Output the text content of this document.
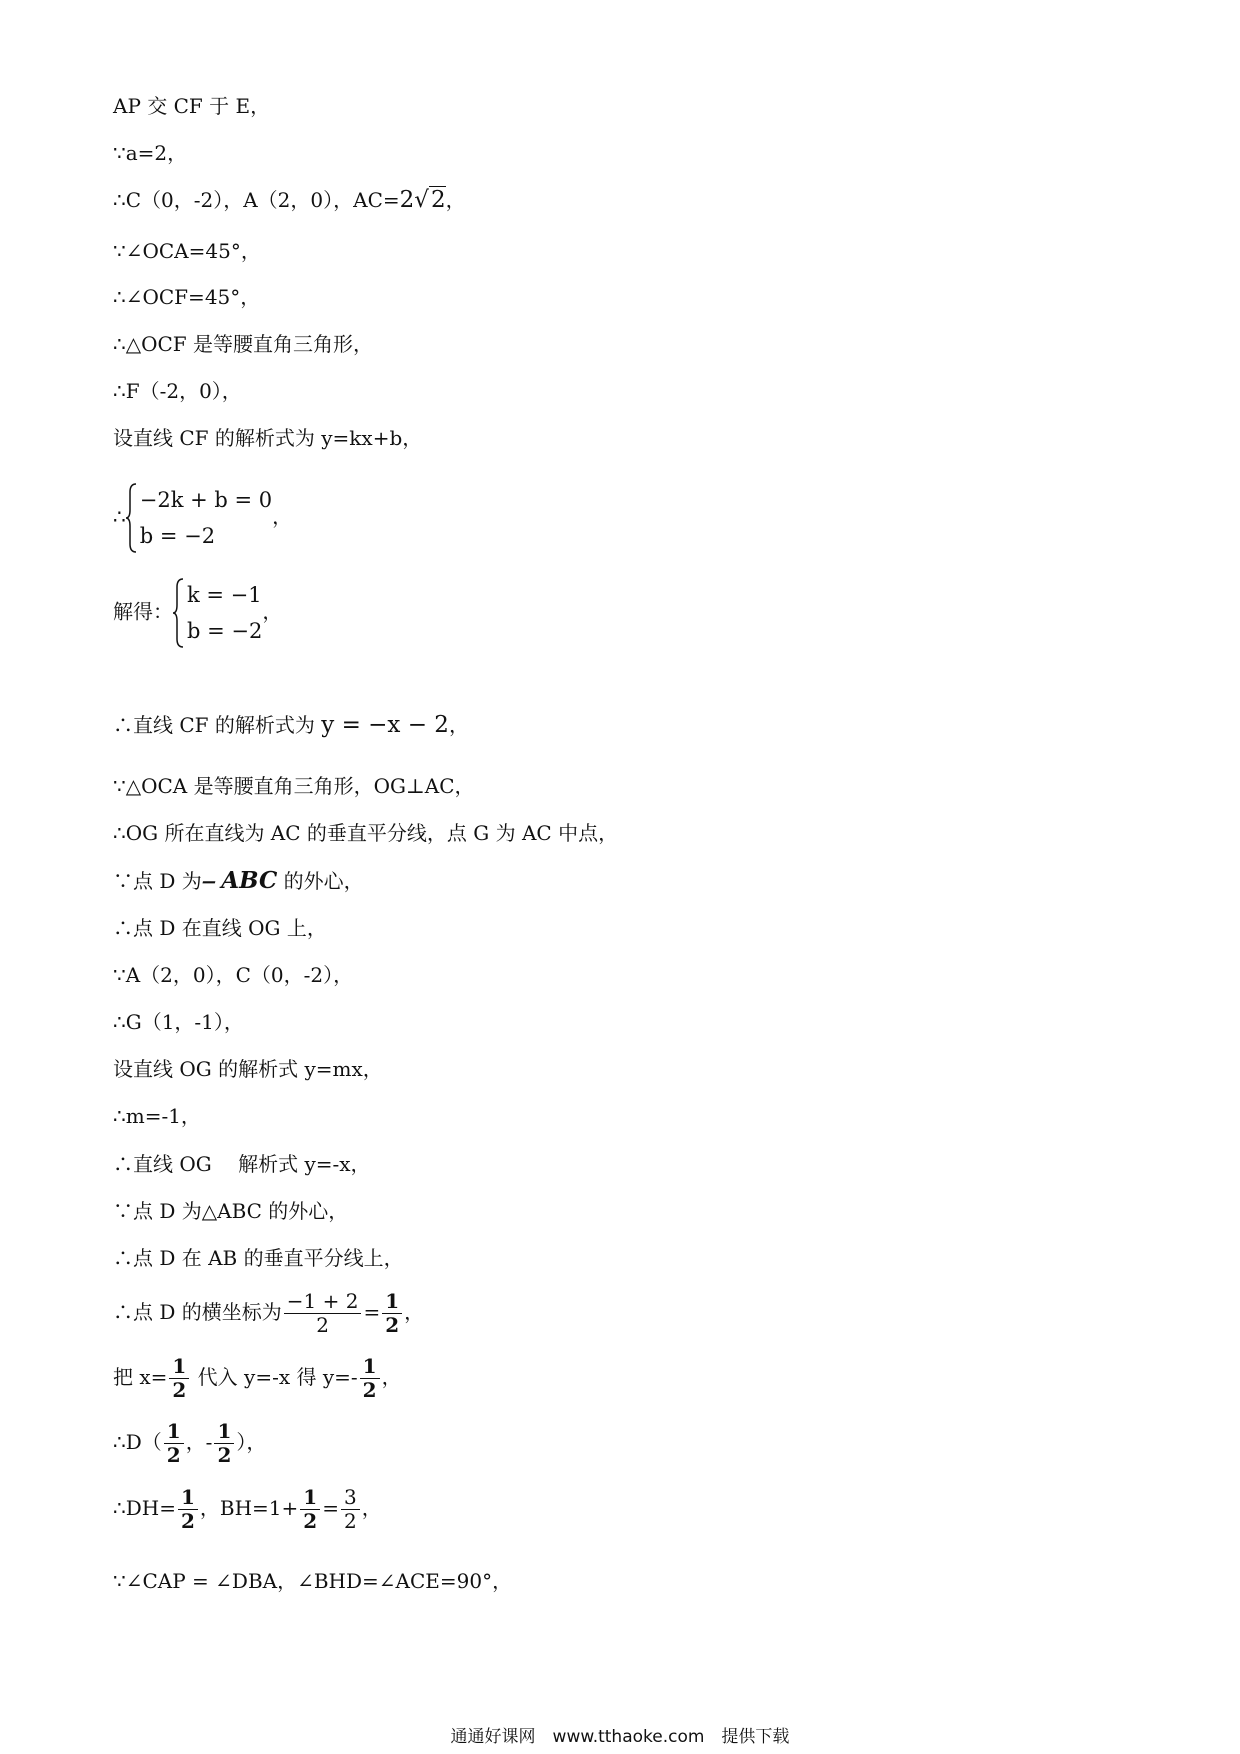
AP 交 CF 于 E，
∵a=2，
∴C（0，-2），A（2，0），AC=2√2，
∵∠OCA=45°，
∴∠OCF=45°，
∴△OCF 是等腰直角三角形，
∴F（-2，0），
设直线 CF 的解析式为 y=kx+b，
∴
−2k + b = 0
b = −2
，
解得：
k = −1
b = −2
，
∴直线 CF 的解析式为 y = −x − 2，
∵△OCA 是等腰直角三角形，OG⊥AC，
∴OG 所在直线为 AC 的垂直平分线，点 G 为 AC 中点，
∵点 D 为⎯ ABC 的外心，
∴点 D 在直线 OG 上，
∵A（2，0），C（0，-2），
∴G（1，-1），
设直线 OG 的解析式 y=mx，
∴m=-1，
∴直线 OG 　解析式 y=-x，
∵点 D 为△ABC 的外心，
∴点 D 在 AB 的垂直平分线上，
∴点 D 的横坐标为 $\frac{-1 + 2}{2} = \frac{1}{2}$ ，
把 $x= \frac{1}{2}$ 代入 y=-x 得 $y=- \frac{1}{2}$ ，
∴D（ $\frac{1}{2}$ ，- $\frac{1}{2}$ ），
∴DH= $\frac{1}{2}$ ，$BH=1+ \frac{1}{2} = \frac{3}{2}$ ，
∵∠CAP = ∠DBA，∠BHD=∠ACE=90°，
通通好课网　www.tthaoke.com　提供下载
